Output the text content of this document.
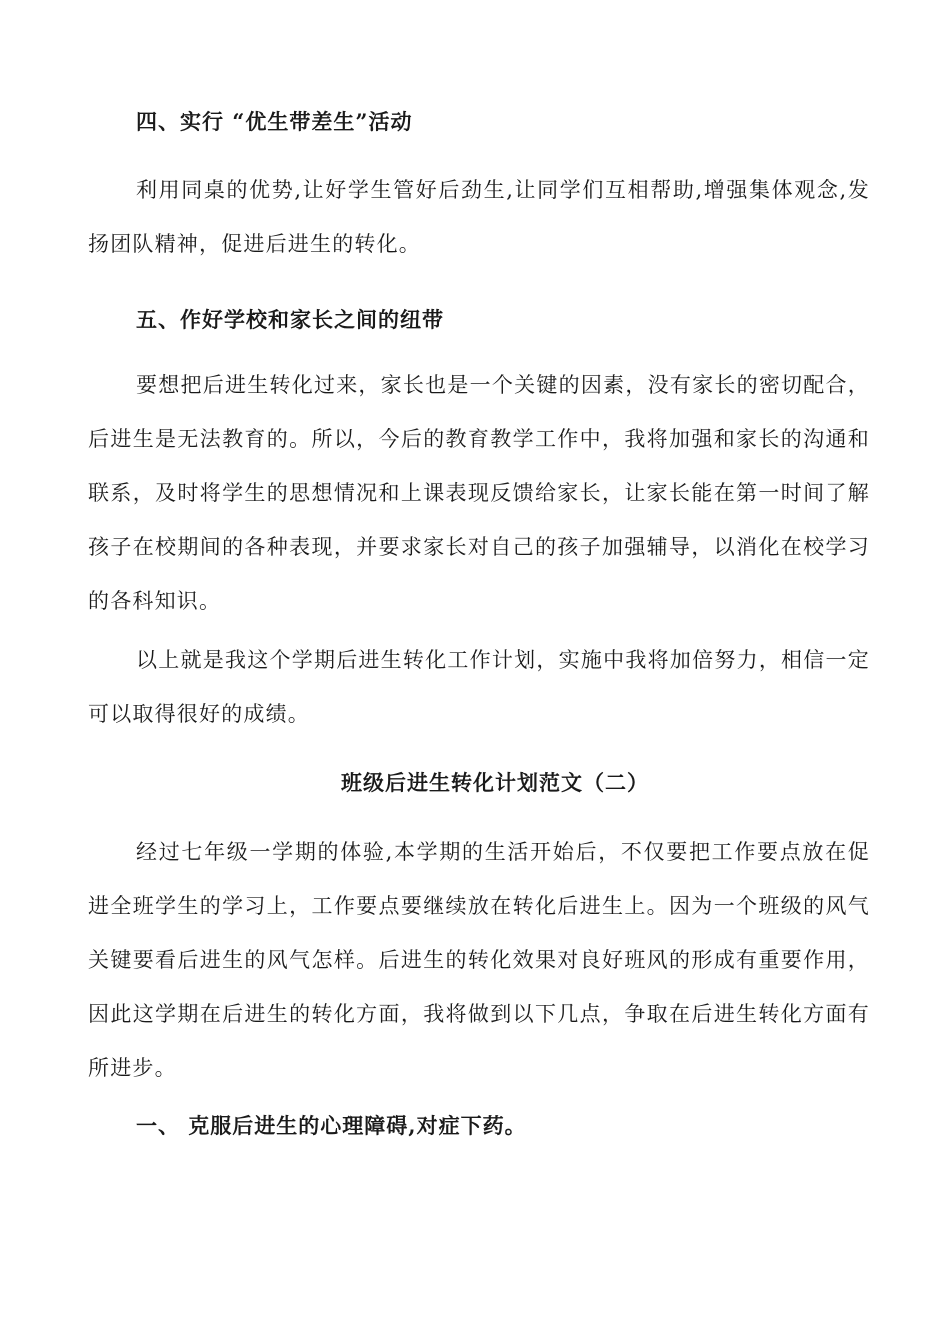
四、实行 “优生带差生”活动
利用同桌的优势,让好学生管好后劲生,让同学们互相帮助,增强集体观念,发扬团队精神，促进后进生的转化。
五、作好学校和家长之间的纽带
要想把后进生转化过来，家长也是一个关键的因素，没有家长的密切配合，后进生是无法教育的。所以，今后的教育教学工作中，我将加强和家长的沟通和联系，及时将学生的思想情况和上课表现反馈给家长，让家长能在第一时间了解孩子在校期间的各种表现，并要求家长对自己的孩子加强辅导，以消化在校学习的各科知识。
以上就是我这个学期后进生转化工作计划，实施中我将加倍努力，相信一定可以取得很好的成绩。
班级后进生转化计划范文（二）
经过七年级一学期的体验,本学期的生活开始后，不仅要把工作要点放在促进全班学生的学习上，工作要点要继续放在转化后进生上。因为一个班级的风气关键要看后进生的风气怎样。后进生的转化效果对良好班风的形成有重要作用，因此这学期在后进生的转化方面，我将做到以下几点，争取在后进生转化方面有所进步。
一、 克服后进生的心理障碍,对症下药。
